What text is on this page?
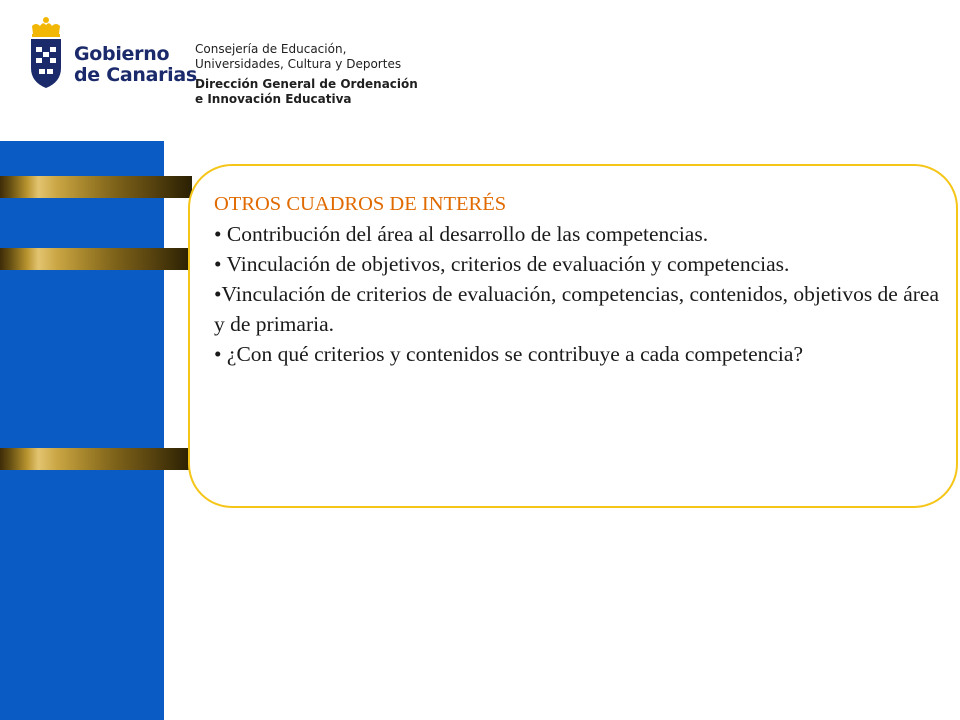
Gobierno
de Canarias
Consejería de Educación,
Universidades, Cultura y Deportes
Dirección General de Ordenación
e Innovación Educativa
OTROS CUADROS DE INTERÉS
• Contribución del área al desarrollo de las competencias.
• Vinculación de objetivos, criterios de evaluación y competencias.
•Vinculación de criterios de evaluación, competencias, contenidos, objetivos de área y de primaria.
• ¿Con qué criterios y contenidos se contribuye a cada competencia?
